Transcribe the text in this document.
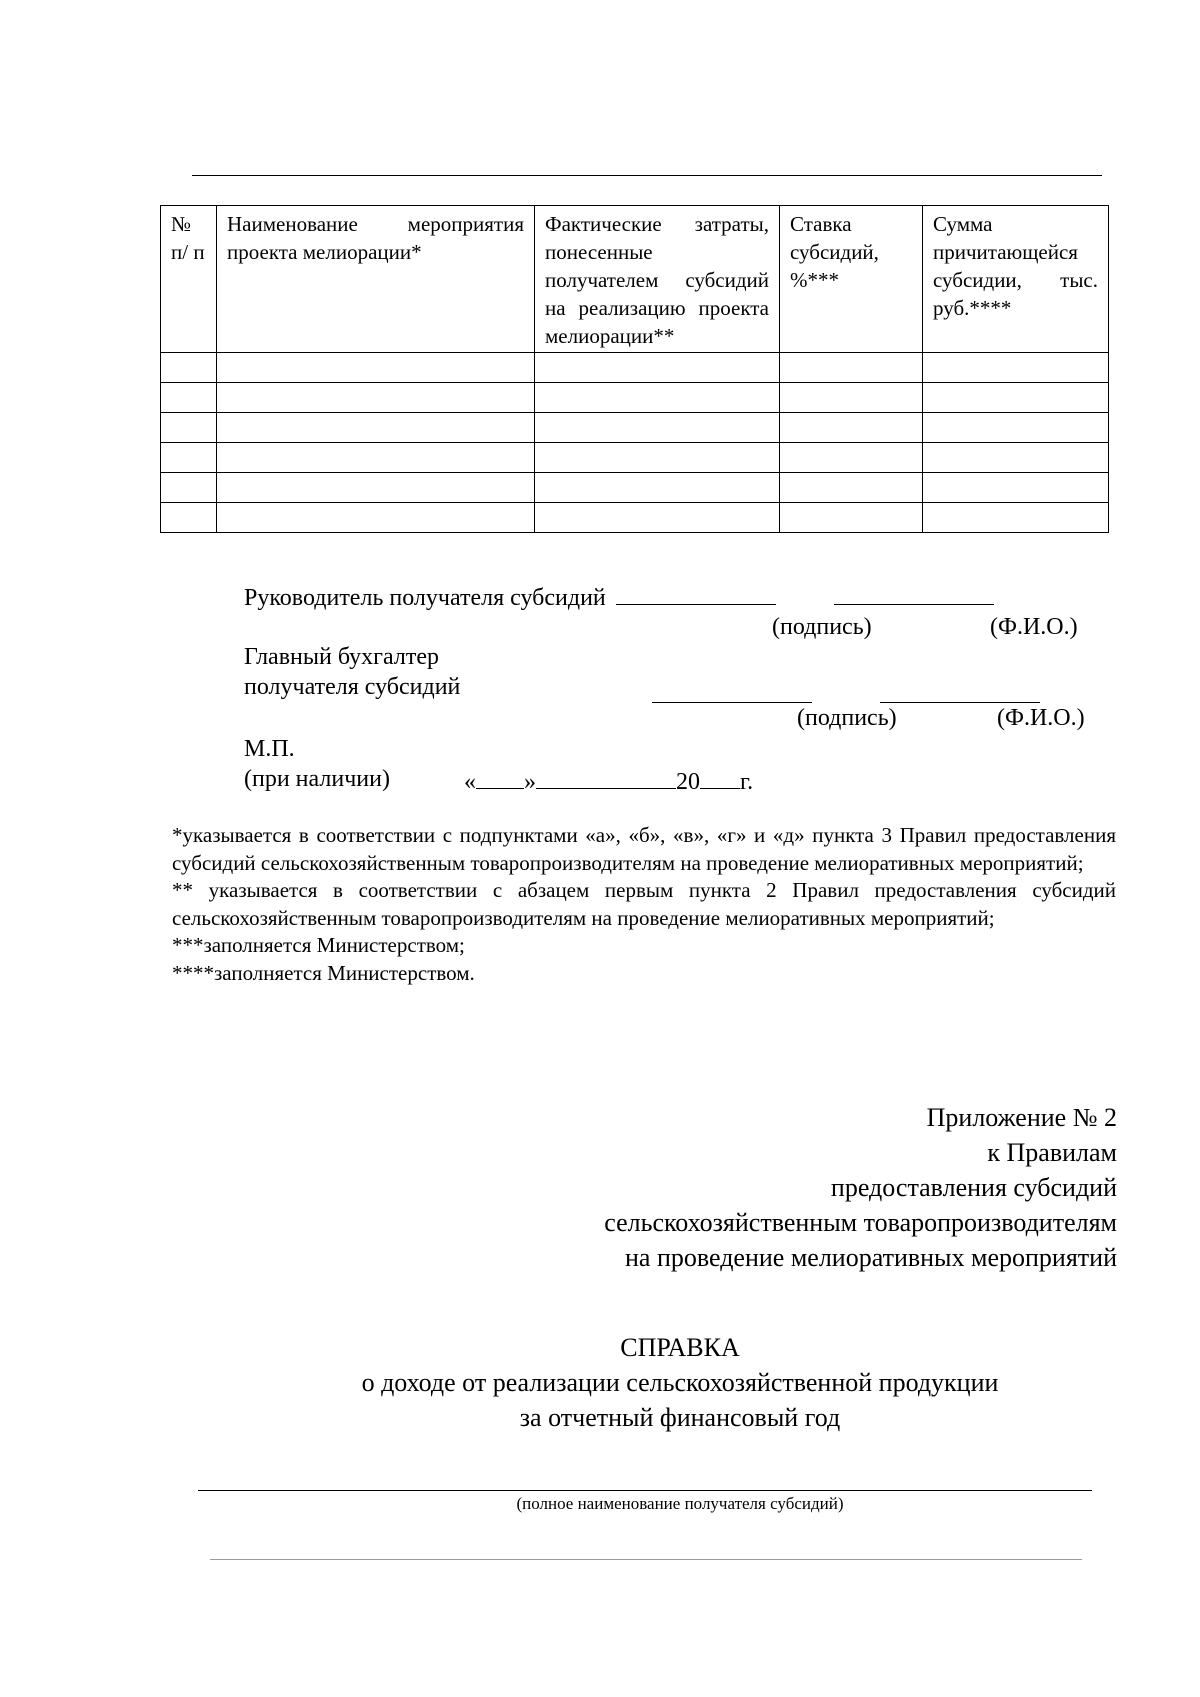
№ п/ п	Наименование мероприятия проекта мелиорации*	Фактические затраты, понесенные получателем субсидий на реализацию проекта мелиорации**	Ставка субсидий, %***	Сумма причитающейся субсидии, тыс. руб.****

Руководитель получателя субсидий
(подпись)	(Ф.И.О.)
Главный бухгалтер
получателя субсидий
(подпись)	(Ф.И.О.)
М.П.
(при наличии)	« »	20 г.

*указывается в соответствии с подпунктами «а», «б», «в», «г» и «д» пункта 3 Правил предоставления субсидий сельскохозяйственным товаропроизводителям на проведение мелиоративных мероприятий;

** указывается в соответствии с абзацем первым пункта 2 Правил предоставления субсидий сельскохозяйственным товаропроизводителям на проведение мелиоративных мероприятий;

***заполняется Министерством;

****заполняется Министерством.

Приложение № 2
к Правилам
предоставления субсидий
сельскохозяйственным товаропроизводителям
на проведение мелиоративных мероприятий
СПРАВКА
о доходе от реализации сельскохозяйственной продукции
за отчетный финансовый год
(полное наименование получателя субсидий)
